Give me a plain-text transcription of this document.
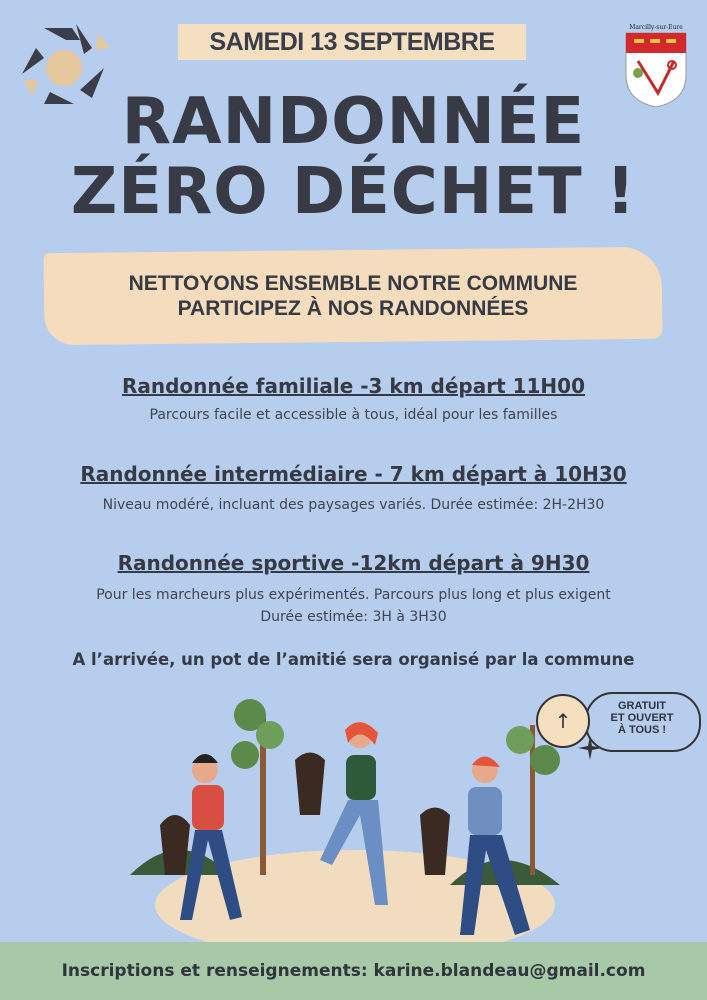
Marcilly-sur-Eure
SAMEDI 13 SEPTEMBRE
RANDONNÉE
ZÉRO DÉCHET !
NETTOYONS ENSEMBLE NOTRE COMMUNE
PARTICIPEZ À NOS RANDONNÉES
Randonnée familiale -3 km départ 11H00
Parcours facile et accessible à tous, idéal pour les familles
Randonnée intermédiaire - 7 km départ à 10H30
Niveau modéré, incluant des paysages variés. Durée estimée: 2H-2H30
Randonnée sportive -12km départ à 9H30
Pour les marcheurs plus expérimentés. Parcours plus long et plus exigent
Durée estimée: 3H à 3H30
A l’arrivée, un pot de l’amitié sera organisé par la commune
GRATUIT
ET OUVERT
À TOUS !
↑
Inscriptions et renseignements: karine.blandeau@gmail.com
